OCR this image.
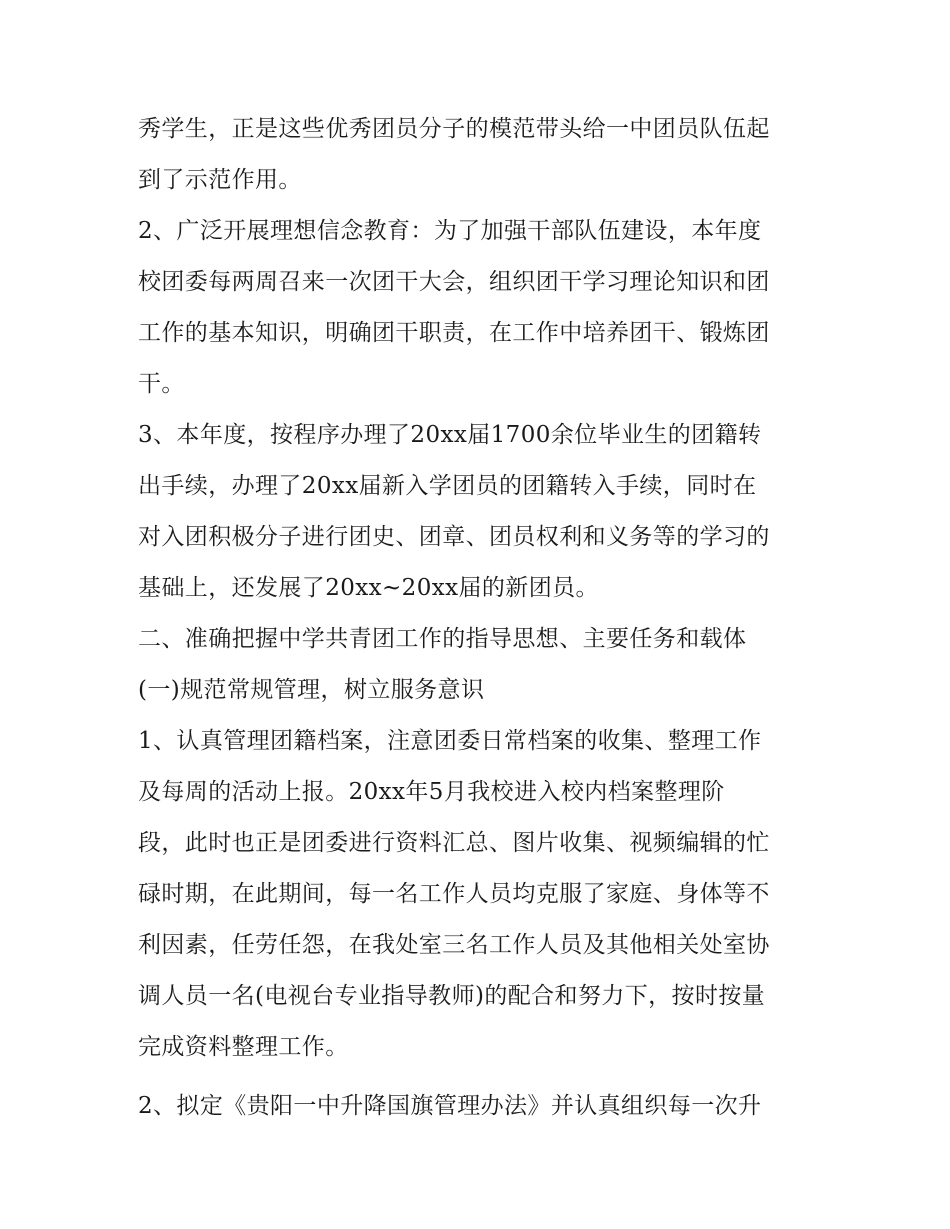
秀学生，正是这些优秀团员分子的模范带头给一中团员队伍起
到了示范作用。
2、广泛开展理想信念教育：为了加强干部队伍建设，本年度
校团委每两周召来一次团干大会，组织团干学习理论知识和团
工作的基本知识，明确团干职责，在工作中培养团干、锻炼团
干。
3、本年度，按程序办理了20xx届1700余位毕业生的团籍转
出手续，办理了20xx届新入学团员的团籍转入手续，同时在
对入团积极分子进行团史、团章、团员权利和义务等的学习的
基础上，还发展了20xx~20xx届的新团员。
二、准确把握中学共青团工作的指导思想、主要任务和载体
(一)规范常规管理，树立服务意识
1、认真管理团籍档案，注意团委日常档案的收集、整理工作
及每周的活动上报。20xx年5月我校进入校内档案整理阶
段，此时也正是团委进行资料汇总、图片收集、视频编辑的忙
碌时期，在此期间，每一名工作人员均克服了家庭、身体等不
利因素，任劳任怨，在我处室三名工作人员及其他相关处室协
调人员一名(电视台专业指导教师)的配合和努力下，按时按量
完成资料整理工作。
2、拟定《贵阳一中升降国旗管理办法》并认真组织每一次升
